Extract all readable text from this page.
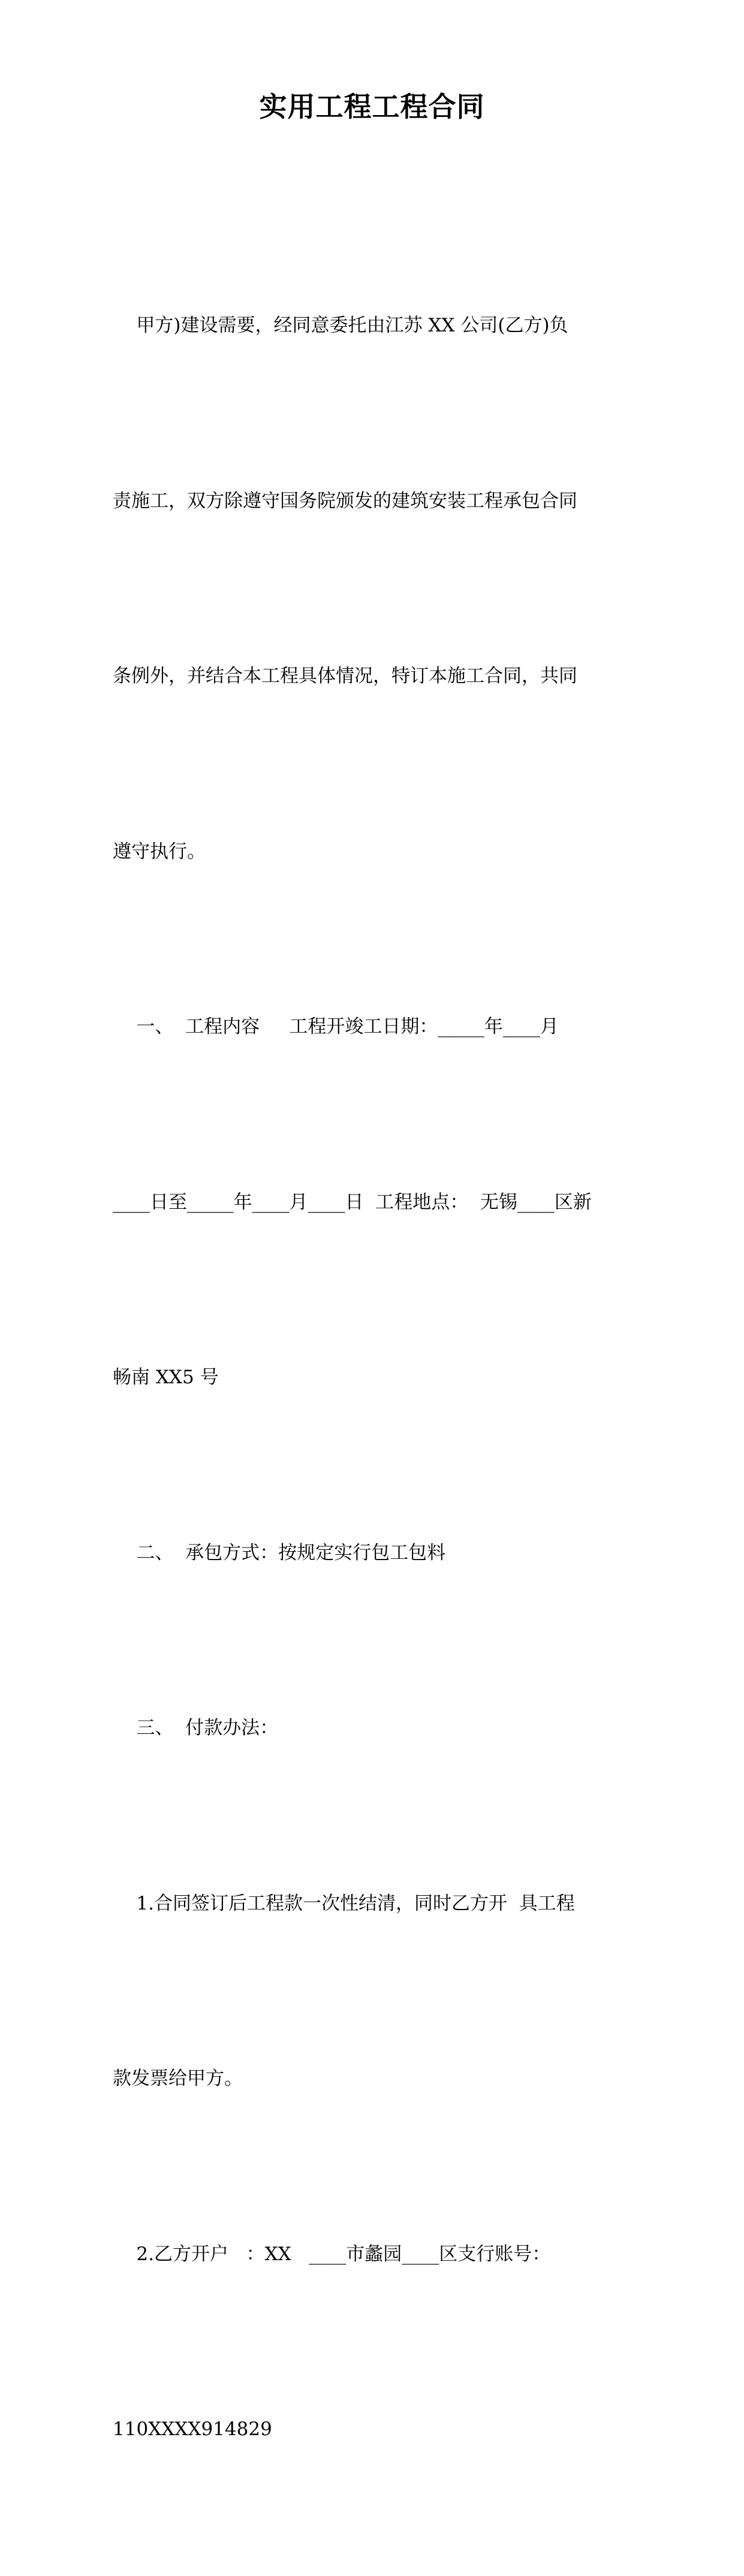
实用工程工程合同

甲方)建设需要，经同意委托由江苏 XX 公司(乙方)负

责施工，双方除遵守国务院颁发的建筑安装工程承包合同

条例外，并结合本工程具体情况，特订本施工合同，共同

遵守执行。

一、  工程内容     工程开竣工日期：_____年____月

____日至_____年____月____日  工程地点：  无锡____区新

畅南 XX5 号

二、  承包方式：按规定实行包工包料

三、  付款办法：

1.合同签订后工程款一次性结清，同时乙方开  具工程

款发票给甲方。

2.乙方开户   ：XX   ____市蠡园____区支行账号：

110XXXX914829
